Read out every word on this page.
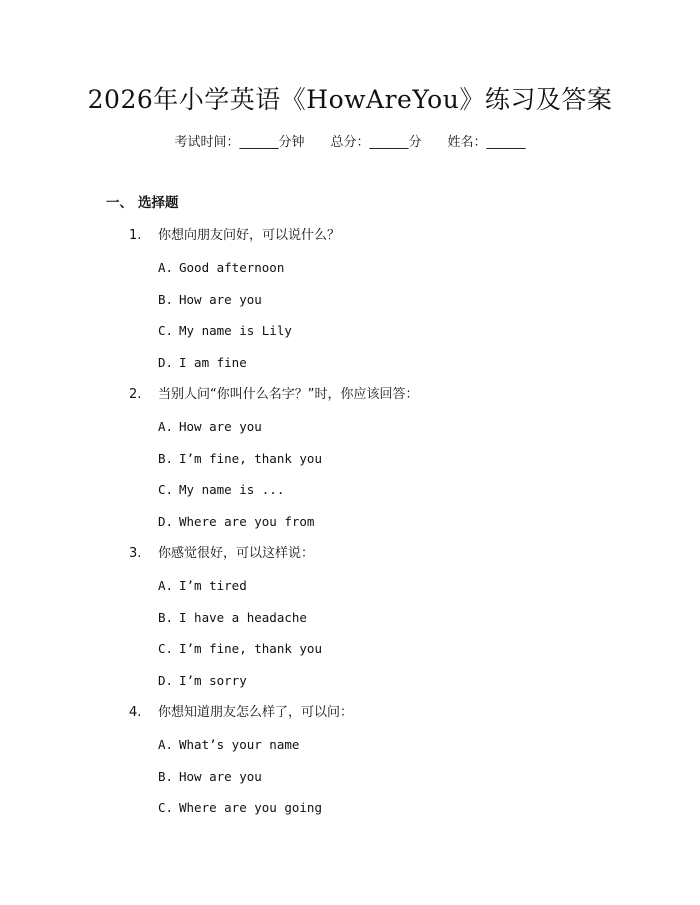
2026年小学英语《HowAreYou》练习及答案
考试时间：______分钟 总分：______分 姓名：______
一、 选择题
1. 你想向朋友问好，可以说什么？
A. Good afternoon
B. How are you
C. My name is Lily
D. I am fine
2. 当别人问“你叫什么名字？”时，你应该回答：
A. How are you
B. I’m fine, thank you
C. My name is ...
D. Where are you from
3. 你感觉很好，可以这样说：
A. I’m tired
B. I have a headache
C. I’m fine, thank you
D. I’m sorry
4. 你想知道朋友怎么样了，可以问：
A. What’s your name
B. How are you
C. Where are you going
